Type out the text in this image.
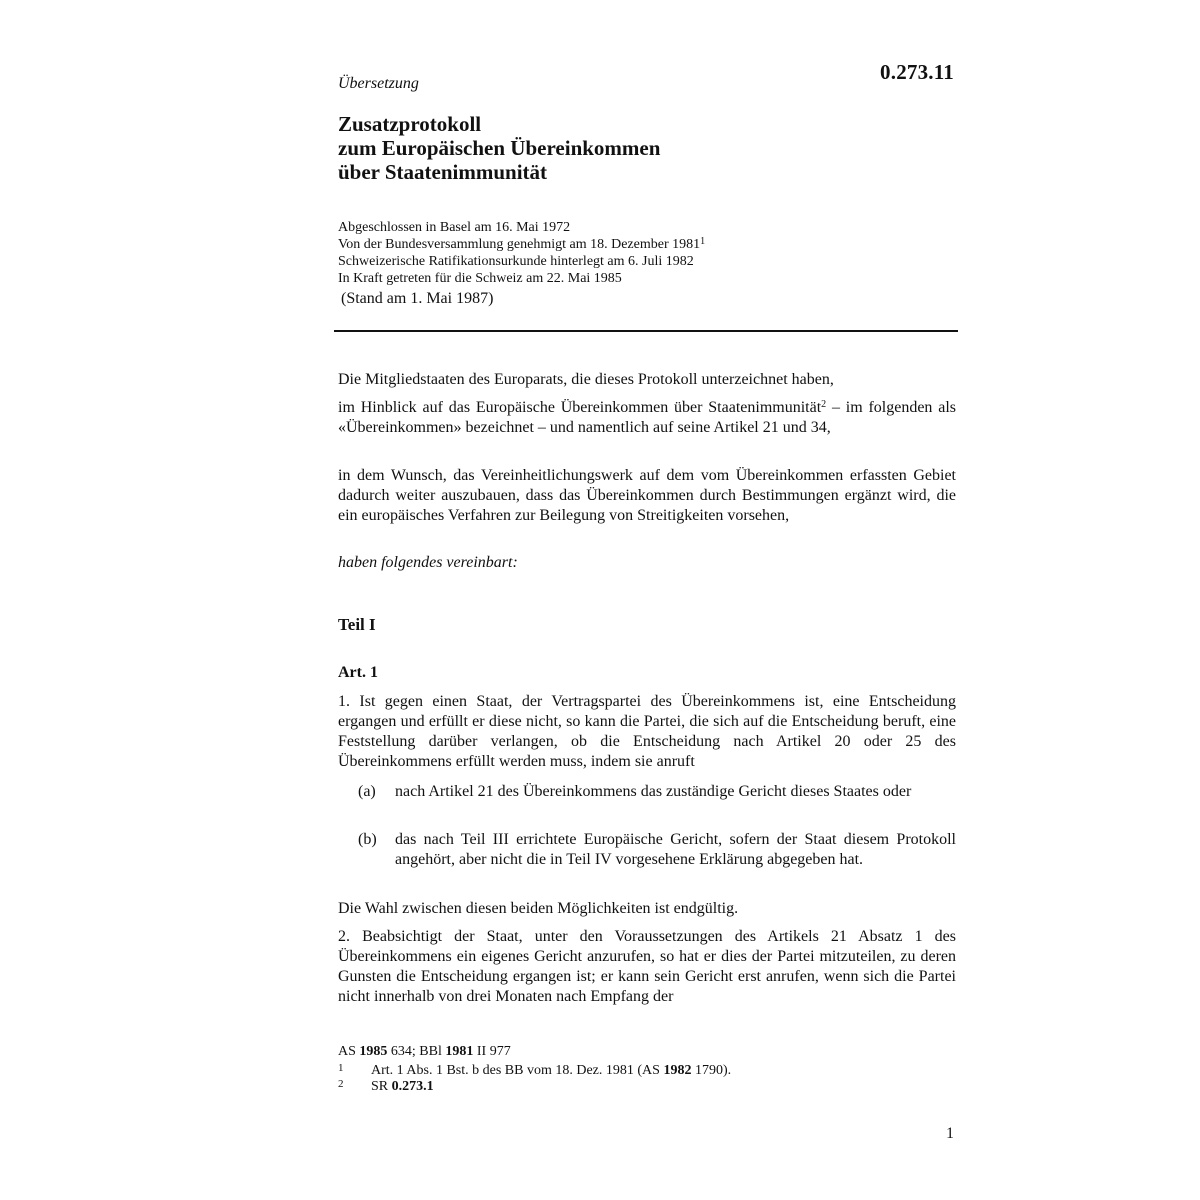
0.273.11
Übersetzung
Zusatzprotokoll
zum Europäischen Übereinkommen
über Staatenimmunität
Abgeschlossen in Basel am 16. Mai 1972
Von der Bundesversammlung genehmigt am 18. Dezember 1981$^1$
Schweizerische Ratifikationsurkunde hinterlegt am 6. Juli 1982
In Kraft getreten für die Schweiz am 22. Mai 1985
(Stand am 1. Mai 1987)

Die Mitgliedstaaten des Europarats, die dieses Protokoll unterzeichnet haben,

im Hinblick auf das Europäische Übereinkommen über Staatenimmunität$^2$ – im folgenden als «Übereinkommen» bezeichnet – und namentlich auf seine Artikel 21 und 34,

in dem Wunsch, das Vereinheitlichungswerk auf dem vom Übereinkommen erfassten Gebiet dadurch weiter auszubauen, dass das Übereinkommen durch Bestimmungen ergänzt wird, die ein europäisches Verfahren zur Beilegung von Streitigkeiten vorsehen,

haben folgendes vereinbart:

Teil I
Art. 1

1. Ist gegen einen Staat, der Vertragspartei des Übereinkommens ist, eine Entscheidung ergangen und erfüllt er diese nicht, so kann die Partei, die sich auf die Entscheidung beruft, eine Feststellung darüber verlangen, ob die Entscheidung nach Artikel 20 oder 25 des Übereinkommens erfüllt werden muss, indem sie anruft

(a) nach Artikel 21 des Übereinkommens das zuständige Gericht dieses Staates oder
(b) das nach Teil III errichtete Europäische Gericht, sofern der Staat diesem Protokoll angehört, aber nicht die in Teil IV vorgesehene Erklärung abgegeben hat.

Die Wahl zwischen diesen beiden Möglichkeiten ist endgültig.

2. Beabsichtigt der Staat, unter den Voraussetzungen des Artikels 21 Absatz 1 des Übereinkommens ein eigenes Gericht anzurufen, so hat er dies der Partei mitzuteilen, zu deren Gunsten die Entscheidung ergangen ist; er kann sein Gericht erst anrufen, wenn sich die Partei nicht innerhalb von drei Monaten nach Empfang der

AS 1985 634; BBl 1981 II 977
1 Art. 1 Abs. 1 Bst. b des BB vom 18. Dez. 1981 (AS 1982 1790).
2 SR 0.273.1
1
